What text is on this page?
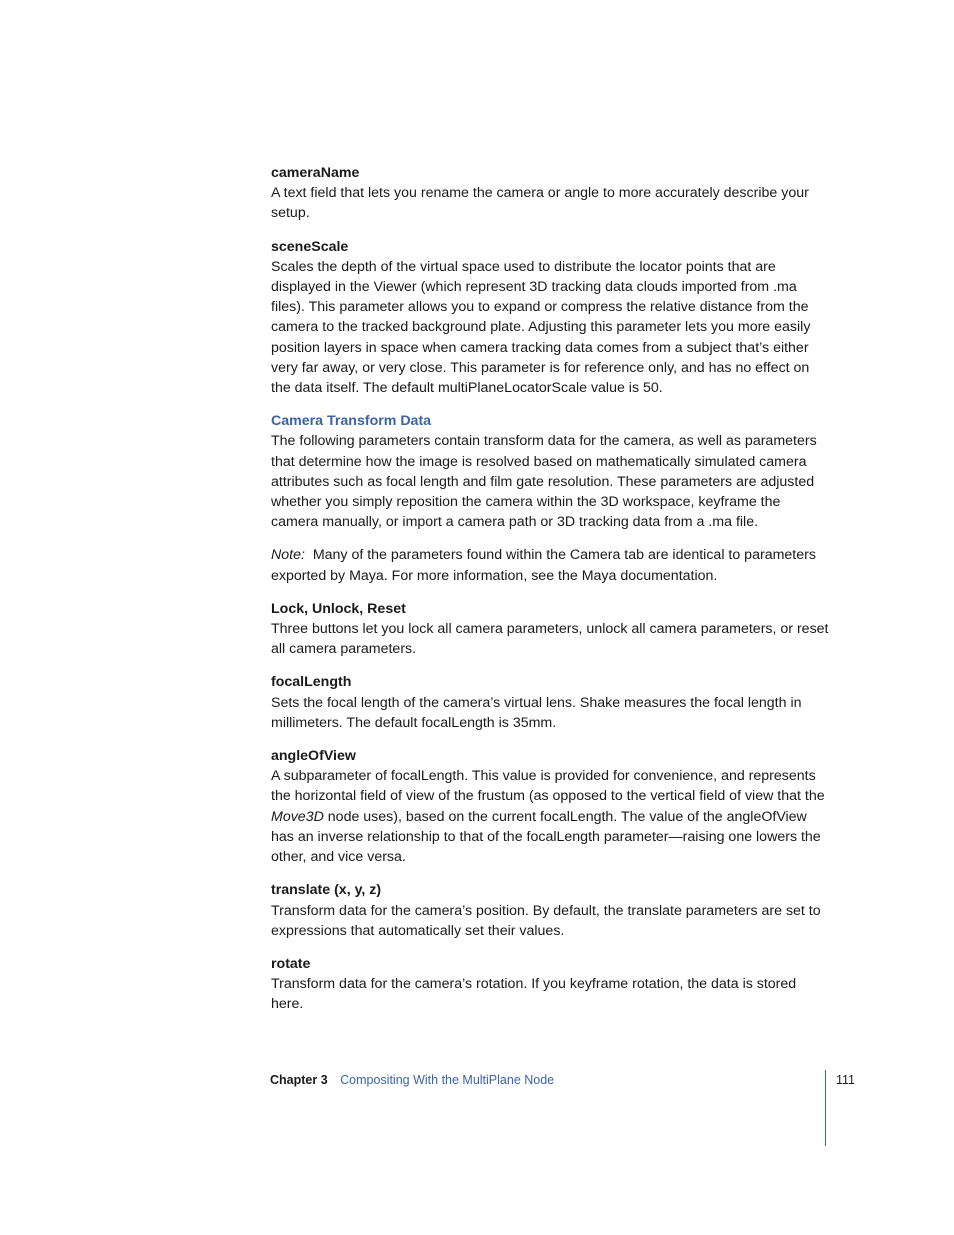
cameraName

A text field that lets you rename the camera or angle to more accurately describe your setup.

sceneScale

Scales the depth of the virtual space used to distribute the locator points that are displayed in the Viewer (which represent 3D tracking data clouds imported from .ma files). This parameter allows you to expand or compress the relative distance from the camera to the tracked background plate. Adjusting this parameter lets you more easily position layers in space when camera tracking data comes from a subject that’s either very far away, or very close. This parameter is for reference only, and has no effect on the data itself. The default multiPlaneLocatorScale value is 50.

Camera Transform Data

The following parameters contain transform data for the camera, as well as parameters that determine how the image is resolved based on mathematically simulated camera attributes such as focal length and film gate resolution. These parameters are adjusted whether you simply reposition the camera within the 3D workspace, keyframe the camera manually, or import a camera path or 3D tracking data from a .ma file.

Note: Many of the parameters found within the Camera tab are identical to parameters exported by Maya. For more information, see the Maya documentation.

Lock, Unlock, Reset

Three buttons let you lock all camera parameters, unlock all camera parameters, or reset all camera parameters.

focalLength

Sets the focal length of the camera’s virtual lens. Shake measures the focal length in millimeters. The default focalLength is 35mm.

angleOfView

A subparameter of focalLength. This value is provided for convenience, and represents the horizontal field of view of the frustum (as opposed to the vertical field of view that the Move3D node uses), based on the current focalLength. The value of the angleOfView has an inverse relationship to that of the focalLength parameter—raising one lowers the other, and vice versa.

translate (x, y, z)

Transform data for the camera’s position. By default, the translate parameters are set to expressions that automatically set their values.

rotate

Transform data for the camera’s rotation. If you keyframe rotation, the data is stored here.

Chapter 3 Compositing With the MultiPlane Node	111
